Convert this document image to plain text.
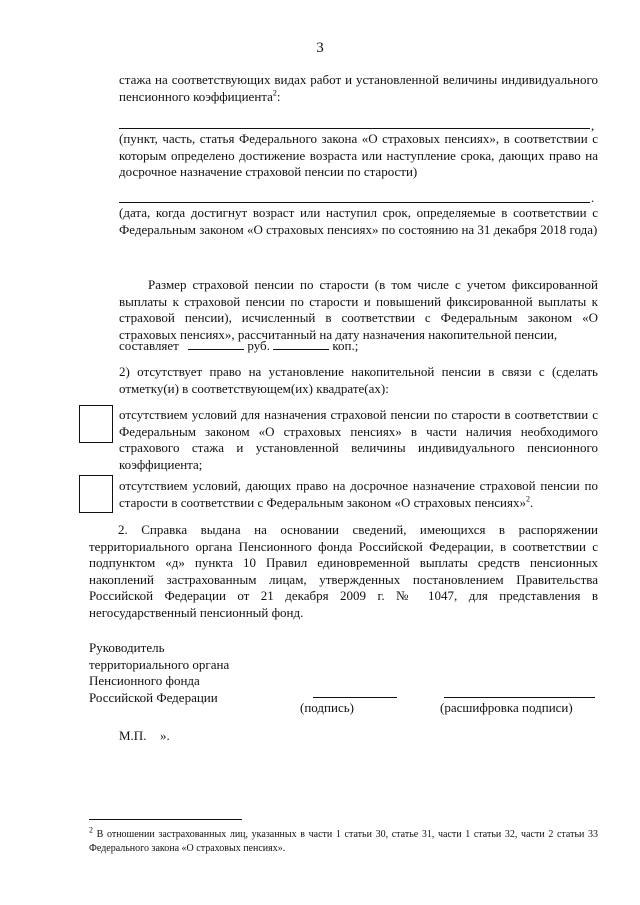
3
стажа на соответствующих видах работ и установленной величины индивидуального пенсионного коэффициента$^2$:
,
(пункт, часть, статья Федерального закона «О страховых пенсиях», в соответствии с которым определено достижение возраста или наступление срока, дающих право на досрочное назначение страховой пенсии по старости)
.
(дата, когда достигнут возраст или наступил срок, определяемые в соответствии с Федеральным законом «О страховых пенсиях» по состоянию на 31 декабря 2018 года)
Размер страховой пенсии по старости (в том числе с учетом фиксированной выплаты к страховой пенсии по старости и повышений фиксированной выплаты к страховой пенсии), исчисленный в соответствии с Федеральным законом «О страховых пенсиях», рассчитанный на дату назначения накопительной пенсии,
составляет	руб.	коп.;
2) отсутствует право на установление накопительной пенсии в связи с (сделать отметку(и) в соответствующем(их) квадрате(ах):
отсутствием условий для назначения страховой пенсии по старости в соответствии с Федеральным законом «О страховых пенсиях» в части наличия необходимого страхового стажа и установленной величины индивидуального пенсионного коэффициента;
отсутствием условий, дающих право на досрочное назначение страховой пенсии по старости в соответствии с Федеральным законом «О страховых пенсиях»$^2$.
2. Справка выдана на основании сведений, имеющихся в распоряжении территориального органа Пенсионного фонда Российской Федерации, в соответствии с подпунктом «д» пункта 10 Правил единовременной выплаты средств пенсионных накоплений застрахованным лицам, утвержденных постановлением Правительства Российской Федерации от 21 декабря 2009 г. № 1047, для представления в негосударственный пенсионный фонд.
Руководитель
территориального органа
Пенсионного фонда
Российской Федерации
(подпись)	(расшифровка подписи)
М.П. ».
$^2$ В отношении застрахованных лиц, указанных в части 1 статьи 30, статье 31, части 1 статьи 32, части 2 статьи 33 Федерального закона «О страховых пенсиях».
